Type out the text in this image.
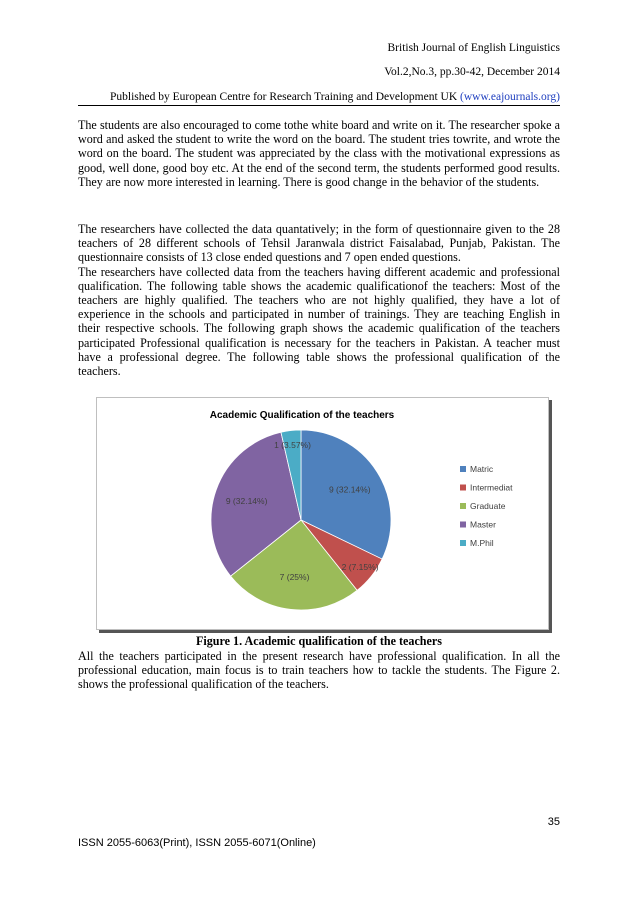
British Journal of English Linguistics
Vol.2,No.3, pp.30-42, December 2014
Published by European Centre for Research Training and Development UK (www.eajournals.org)

The students are also encouraged to come tothe white board and write on it. The researcher spoke a word and asked the student to write the word on the board. The student tries towrite, and wrote the word on the board. The student was appreciated by the class with the motivational expressions as good, well done, good boy etc. At the end of the second term, the students performed good results. They are now more interested in learning. There is good change in the behavior of the students.

The researchers have collected the data quantatively; in the form of questionnaire given to the 28 teachers of 28 different schools of Tehsil Jaranwala district Faisalabad, Punjab, Pakistan. The questionnaire consists of 13 close ended questions and 7 open ended questions.
The researchers have collected data from the teachers having different academic and professional qualification. The following table shows the academic qualificationof the teachers: Most of the teachers are highly qualified. The teachers who are not highly qualified, they have a lot of experience in the schools and participated in number of trainings. They are teaching English in their respective schools. The following graph shows the academic qualification of the teachers participated Professional qualification is necessary for the teachers in Pakistan. A teacher must have a professional degree. The following table shows the professional qualification of the teachers.
Academic Qualification of the teachers
9 (32.14%)
2 (7.15%)
7 (25%)
9 (32.14%)
1 (3.57%)
Matric
Intermediat
Graduate
Master
M.Phil
Figure 1. Academic qualification of the teachers

All the teachers participated in the present research have professional qualification. In all the professional education, main focus is to train teachers how to tackle the students. The Figure 2. shows the professional qualification of the teachers.

35
ISSN 2055-6063(Print), ISSN 2055-6071(Online)
